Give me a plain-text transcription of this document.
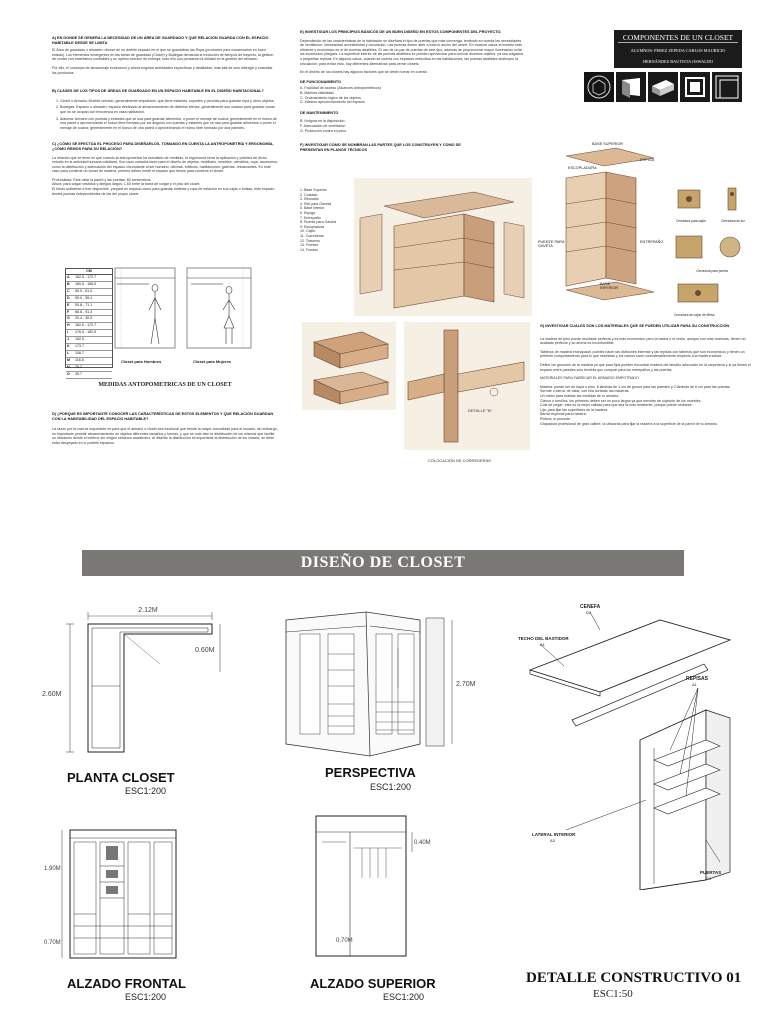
A) EN DONDE SE GENERA LA NECESIDAD DE UN ÁREA DE GUARDADO Y QUE RELACIÓN GUARDA CON EL ESPACIO HABITABLE DESDE SE LIMITA

El Área de guardado o almacén: dícese de un ámbito espacio en el que se guardaban las Ropa (productos para conservarlos en buen estado). Los elementos emergentes en las áreas de guardado (Closet) y Bodegas demanda la evolución de tiempos de trayecto, la gestión de contar con inventarios confiables y un óptimo servicio de entrega; todo ello con pensando la utilidad en la gestión del almacén.

Por ello, el concepto de almacenaje evolucionó y ahora engloba actividades específicas y detalladas, más allá de solo albergar y custodiar los productos.

B) CLASES DE LOS TIPOS DE ÁREAS DE GUARDADO EN UN ESPACIO HABITABLE EN EL DISEÑO HABITACIONAL?
1. Closet o Armario: Mueble cerrado, generalmente empotrado, que tiene estantes, soportes y perchas para guardar ropa y otros objetos.
2. Bodegas: Espacio o almacén, espacio destinado al almacenamiento de distintos bienes, generalmente son usados para guardar cosas que no se ocupan con frecuencia en casa habitación.
3. Alacena: Armario con puertas y estantes que se usa para guardar alimentos, o poner el menaje de cocina; generalmente en el hueco de una pared o aprovechando el hueco libre formado por los ángulos con puertas y estantes que se usa para guardar alimentos o poner el menaje de cocina; generalmente en el hueco de una pared o aprovechando el hueco libre formado por dos paredes.
C) ¿CÓMO SE EFECTÚA EL PROCESO PARA DISEÑARLOS, TOMANDO EN CUENTA LA ANTROPOMETRÍA Y ERGONOMÍA, ¿CÓMO REMOS PARA SU RELACIÓN?

La relación que se tiene es que cuando la antropometría ha estudiado de medidas, la ergonomía sería la aplicación y práctica de dicho estudio en la actividad humana cotidiana. Son usos variados tanto para el diseño de objetos, mobiliario, muebles, utensilios, ropa, accesorios; como la distribución y adecuación del espacio circundante al ser humano: oficinas, edificios, habitaciones, galerías, restaurantes. En este caso para construir un closet de madera, primero debes medir el espacio que tienes para construir el closet.

Profundidad. Este mide la pared y las puertas: 60 centímetros.

Altura: para colgar vestidos y abrigos largos: 1.60 entre la barra de colgar y el piso del closet.

El fondo suficiente a fuer disponible, prepara un espacio como para guardar maletas y ropa de estación en sus cajas o bolsas, este espacio tendrá puertas independientes de las del propio closet.

CM
A	162.5 - 172.7
B	160.5 - 166.5
C	55.9 - 61.0
D	55.0 - 55.4
E	50.8 - 71.1
F	66.8 - 91.4
G	25.4 - 30.5
H	162.6 - 172.7
I	176.5 - 182.9
J	152.5
K	173.7
L	106.7
M	116.8
N	76.2
O	45.7
Closet para Hombres	Closet para Mujeres
MEDIDAS ANTOPOMETRICAS DE UN CLOSET
D) ¿PORQUE ES IMPORTANTE CONOCER LAS CARACTERÍSTICAS DE ESTOS ELEMENTOS Y QUE RELACIÓN GUARDAN CON LA HABITABILIDAD DEL ESPACIO HABITABLE?

La razón por la cual es importante es para que el armario o closet sea funcional que brinde la mayor comodidad para el usuario, sin embargo, es importante permitir almacenamiento de objetos diferentes tamaños y formas, y que se note bien la distribución de los mismos que facilite su ubicación desde el exterior sin ningún esfuerzo académico. Al diseñar la distribución es importante la distribución de los closets, se debe estar despejado en lo posible espacios.

E) INVESTIGAR LOS PRINCIPIOS BÁSICOS DE UN BUEN DISEÑO EN ESTOS COMPONENTES DEL PROYECTO.

Dependiendo de las características de la habitación se diseñara el tipo de puertas que más convenga, teniendo en cuenta las necesidades de ventilación, luminosidad accesibilidad y circulación. Las puertas deben abrir a todo lo ancho del closet. En muchos casos el modelo más eficiente y económico es el de puertas abatibles. El uso de un par de puertas de este tipo, además de proporcionar mayor iluminación evita los incómodos pliegues. La superficie interior de las puertas abatibles se pueden aprovechar para colocar diversos objetos, ya sea colgados o pequeñas repisas. En algunos casos, cuando se cuenta con espacios reducidos en las habitaciones, las puertas abatibles obstruyen la circulación; para evitar esto, hay diferentes alternativas para cerrar closets.

En el diseño de los closets hay algunos factores que se deben tomar en cuenta:

DE FUNCIONAMIENTO
A. Facilidad de acceso (Alcances antropométricos)
B. Máxima visibilidad
C. Ordenamiento lógico de los objetos
D. Máximo aprovechamiento del espacio
DE MANTENIMIENTO
B. Holgura en la disposición
F. Adecuación de ventilación
G. Protección contra el polvo.
F) INVESTIGAR COMO SE NOMBRAN LAS PARTES QUE LOS CONSTRUYEN Y COMO SE PRESENTAN EN PLANOS TÉCNICOS
1. Base Superior
2. Costado
3. Rincoallo
4. Riel para Gaveta
5. Base Inferior
6. Espiga
7. Entrepaño
8. Puente para Gaveta
9. Escopladura
10. Cajón
11. Correderas
12. Traseros
13. Frentes
14. Fondos
DETALLE "B"
COLOCACIÓN DE CORREDERAS
COMPONENTES DE UN CLOSET
ALUMNOS: PEREZ ZEPEDA CARLOS MAURICIO
HERNÁNDEZ BAUTISTA OSWALDO
BASE SUPERIOR
ESCOPLADURA
ESPIGA
PUENTE PARA GAVETA
ENTREPAÑO
BASE INFERIOR
Cerradura para cajón	Cerradura de luz
Cerradura para puerta
Cerradura de cajón de Mesa
G) INVESTIGAR CUALES SON LOS MATERIALES QUE SE PUEDEN UTILIZAR PARA SU CONSTRUCCIÓN

La madera de pino puede resultarle perfecta y es más económica; pero la caoba o el cedro, aunque son más costosas, tienen un acabado perfecto y su aroma es inconfundible.

Tableros de madera enchapada: puedes hacer las divisiones internas y las repisas con tableros que son económicos y tienen un perfecto comportamiento para lo que necesitas y los cantos lucen considerablemente respecto a la madera sólida.

Define los grosores de la madera ya que para fijos puedes encontrar madera del tamaño adecuado en la carpintería y sí ya tienes el espacio entre paredes solo tendrás que comprar para los entrepaños y las puertas.

MATERIALES PARA FABRICAR EL ARMARIO EMPOTRADO
Madera: puede ser de haya o pino. 8 láminas de 1 cm de grosor para las paredes y 2 láminas de 6 cm para las puertas.
Serrote o sierra: de calar, con ella cortarás tus maderas.
Un metro para realizar las medidas de tu armario.
Clavos o tornillos, los primeros deben ser un poco largos ya que servirán de sujeción de los muebles.
Cola de pegar: esta es la mejor calidad para que sea la más resistente, porque puede cedrarse.
Lija, para lijar las superficies de la madera.
Barniz especial para madera.
Pintura, si procede.
Grapadora profesional de gran calibre, la utilizarás para fijar la madera a la superficie de la pared de tu armario.
DISEÑO DE CLOSET
2.12M
2.60M
0.60M
PLANTA CLOSET
ESC1:200
2.70M
PERSPECTIVA
ESC1:200
1.90M
0.70M
ALZADO FRONTAL
ESC1:200
0.40M
0.70M
ALZADO SUPERIOR
ESC1:200
CENEFA
D2
TECHO DEL BASTIDOR
A1
REPISAS
A1
LATERAL INTERIOR
A3
PUERTAS
D4
DETALLE CONSTRUCTIVO 01
ESC1:50
